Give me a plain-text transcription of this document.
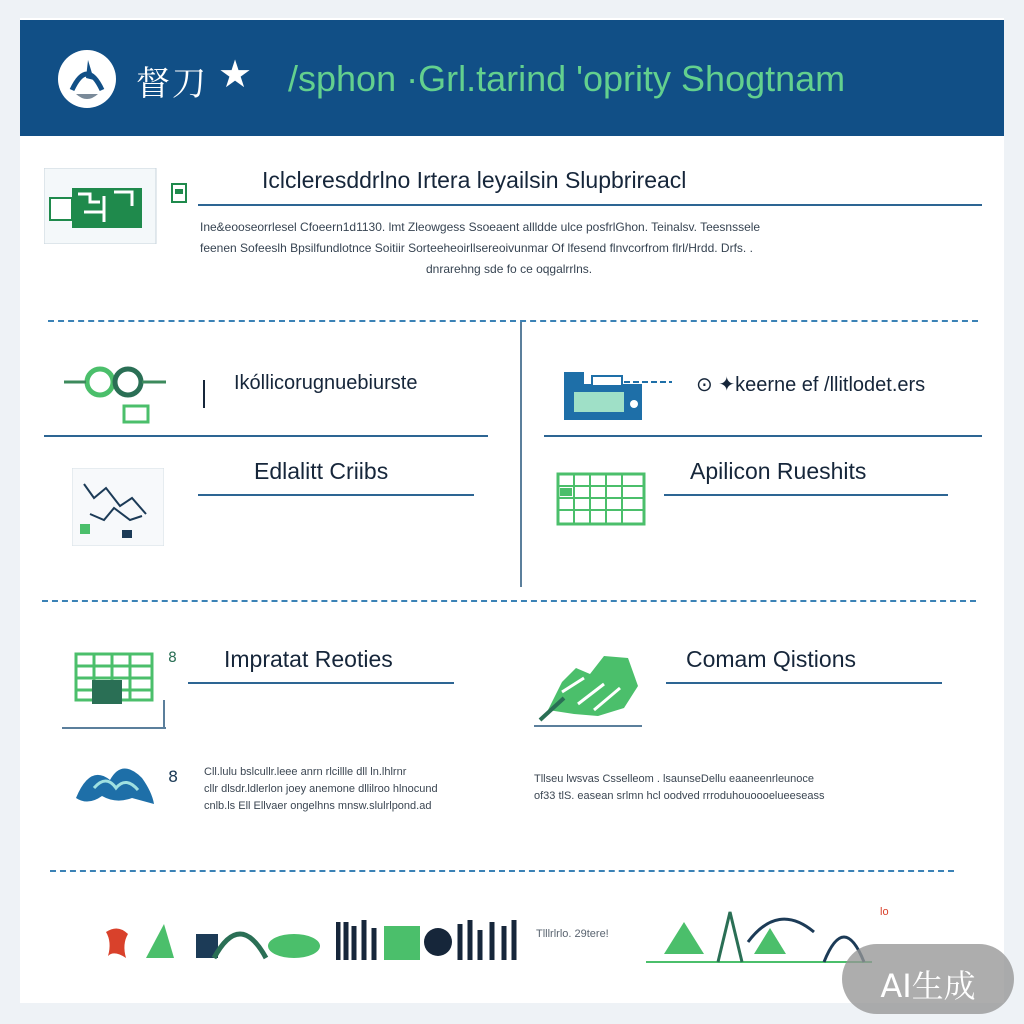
督刀 ★ /sphon ·Grl.tarind 'oprity Shogtnam
Iclcleresddrlno Irtera leyailsin Slupbrireacl
Ine&eooseorrlesel Cfoeern1d1130. lmt Zleowgess Ssoeaent allldde ulce posfrlGhon. Teinalsv. Teesnssele
feenen Sofeeslh Bpsilfundlotnce Soitiir Sorteeheoirllsereoivunmar Of lfesend flnvcorfrom flrl/Hrdd. Drfs. .
dnrarehng sde fo ce oqgalrrlns.
Ikóllicorugnuebiurste	⊙ ✦keerne ef /llitlodet.ers
Edlalitt Criibs	Apilicon Rueshits
8 Impratat Reoties	Comam Qistions
8 Cll.lulu bslcullr.leee anrn rlcillle dll ln.lhlrnr
cllr dlsdr.ldlerlon joey anemone dllilroo hlnocund
cnlb.ls Ell Ellvaer ongelhns mnsw.slulrlpond.ad
Tllseu lwsvas Csselleom . lsaunseDellu eaaneenrleunoce
of33 tlS. easean srlmn hcl oodved rrroduhouoooelueeseass
Tlllrlrlo. 29tere!
lo
AI生成
